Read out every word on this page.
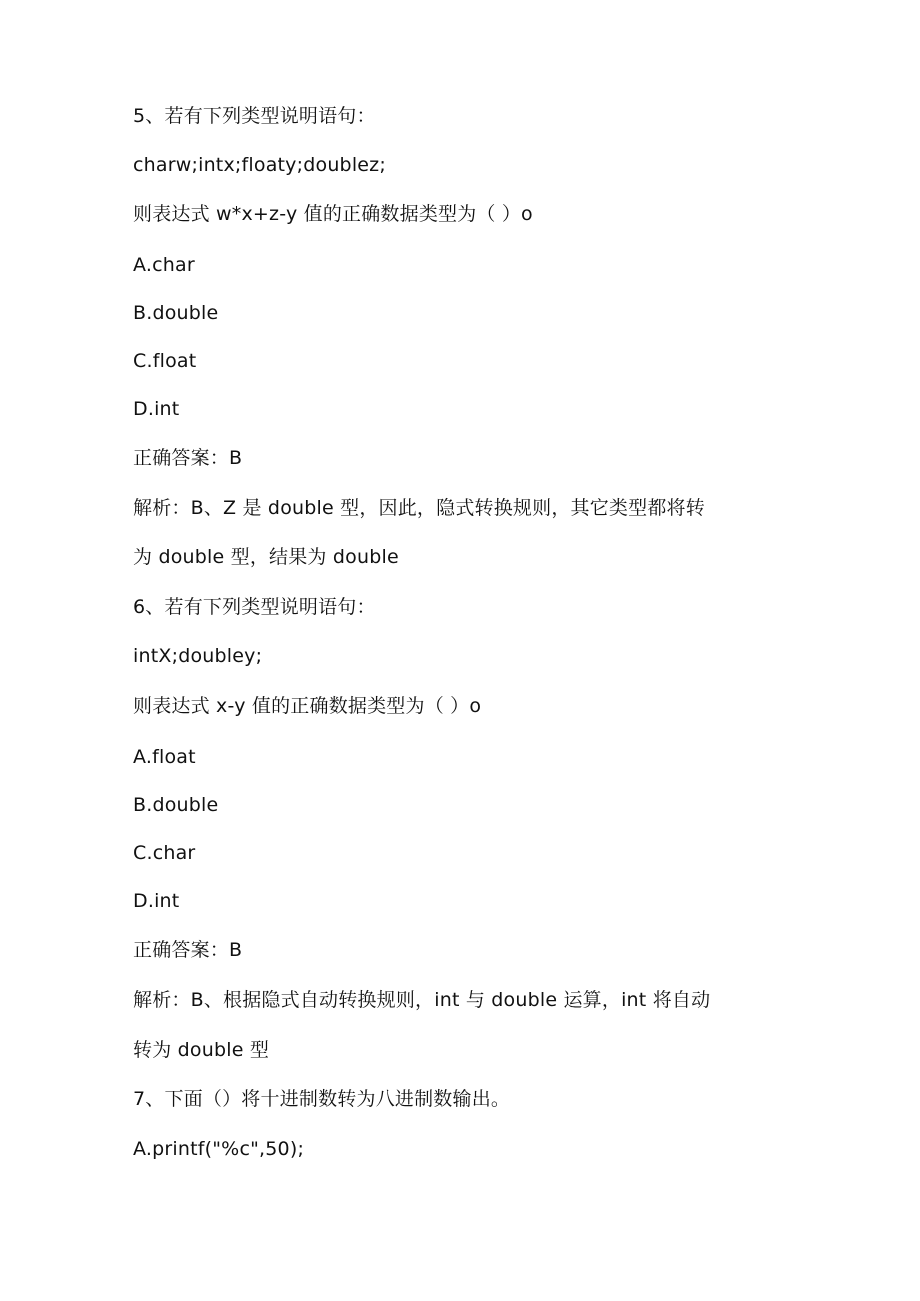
5、若有下列类型说明语句：
charw;intx;floaty;doublez;
则表达式 w*x+z-y 值的正确数据类型为（ ）o
A.char
B.double
C.float
D.int
正确答案：B
解析：B、Z 是 double 型，因此，隐式转换规则，其它类型都将转
为 double 型，结果为 double
6、若有下列类型说明语句：
intX;doubley;
则表达式 x-y 值的正确数据类型为（ ）o
A.float
B.double
C.char
D.int
正确答案：B
解析：B、根据隐式自动转换规则，int 与 double 运算，int 将自动
转为 double 型
7、下面（）将十进制数转为八进制数输出。
A.printf("%c",50);
